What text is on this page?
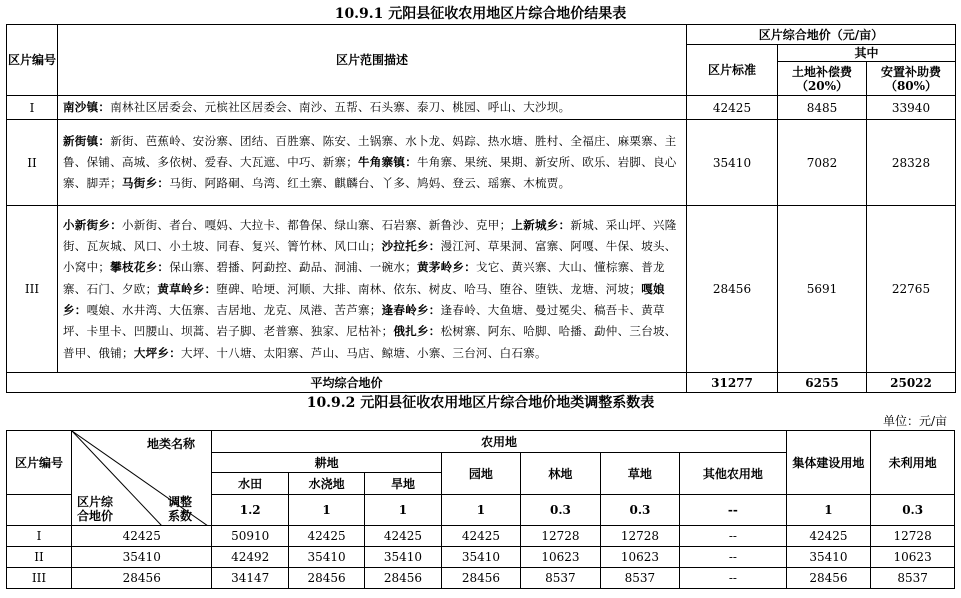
10.9.1 元阳县征收农用地区片综合地价结果表
区片编号	区片范围描述	区片综合地价（元/亩）		
		区片标准	其中	
			土地补偿费（20%）	安置补助费（80%）
I	南沙镇：南林社区居委会、元槟社区居委会、南沙、五帮、石头寨、泰刀、桃园、呼山、大沙坝。	42425	8485	33940
II	新街镇：新街、芭蕉岭、安汾寨、团结、百胜寨、陈安、土锅寨、水卜龙、妈踪、热水塘、胜村、全福庄、麻栗寨、主鲁、保铺、高城、多依树、爱春、大瓦遮、中巧、新寨；牛角寨镇：牛角寨、果统、果期、新安所、欧乐、岩脚、良心寨、脚弄；马街乡：马街、阿路硐、乌湾、红土寨、麒麟台、丫多、鸠妈、登云、瑶寨、木梳贾。	35410	7082	28328
III	小新街乡：小新街、者台、嘎妈、大拉卡、都鲁保、绿山寨、石岩寨、新鲁沙、克甲；上新城乡：新城、采山坪、兴隆街、瓦灰城、风口、小土坡、同春、复兴、箐竹林、风口山；沙拉托乡：漫江河、草果洞、富寨、阿嘎、牛保、坡头、小窝中；攀枝花乡：保山寨、碧播、阿勐控、勐品、洞浦、一碗水；黄茅岭乡：戈它、黄兴寨、大山、懂棕寨、普龙寨、石门、夕欧；黄草岭乡：堕碑、哈埂、河顺、大排、南林、依东、树皮、哈马、堕谷、堕铁、龙塘、河坡；嘎娘乡：嘎娘、水井湾、大伍寨、吉居地、龙克、凤港、苦芦寨；逢春岭乡：逢春岭、大鱼塘、曼过冕尖、稿吾卡、黄草坪、卡里卡、凹腰山、坝蒿、岩子脚、老普寨、独家、尼枯补；俄扎乡：松树寨、阿东、哈脚、哈播、勐仲、三台坡、普甲、俄铺；大坪乡：大坪、十八塘、太阳寨、芦山、马店、鲸塘、小寨、三台河、白石寨。	28456	5691	22765
平均综合地价		31277	6255	25022
10.9.2 元阳县征收农用地区片综合地价地类调整系数表
单位：元/亩
区片编号	地类名称
区片综合地价
调整系数	农用地							集体建设用地	未利用地
		耕地			园地	林地	草地	其他农用地		
		水田	水浇地	旱地						
		1.2	1	1	1	0.3	0.3	--	1	0.3
I	42425	50910	42425	42425	42425	12728	12728	--	42425	12728
II	35410	42492	35410	35410	35410	10623	10623	--	35410	10623
III	28456	34147	28456	28456	28456	8537	8537	--	28456	8537
